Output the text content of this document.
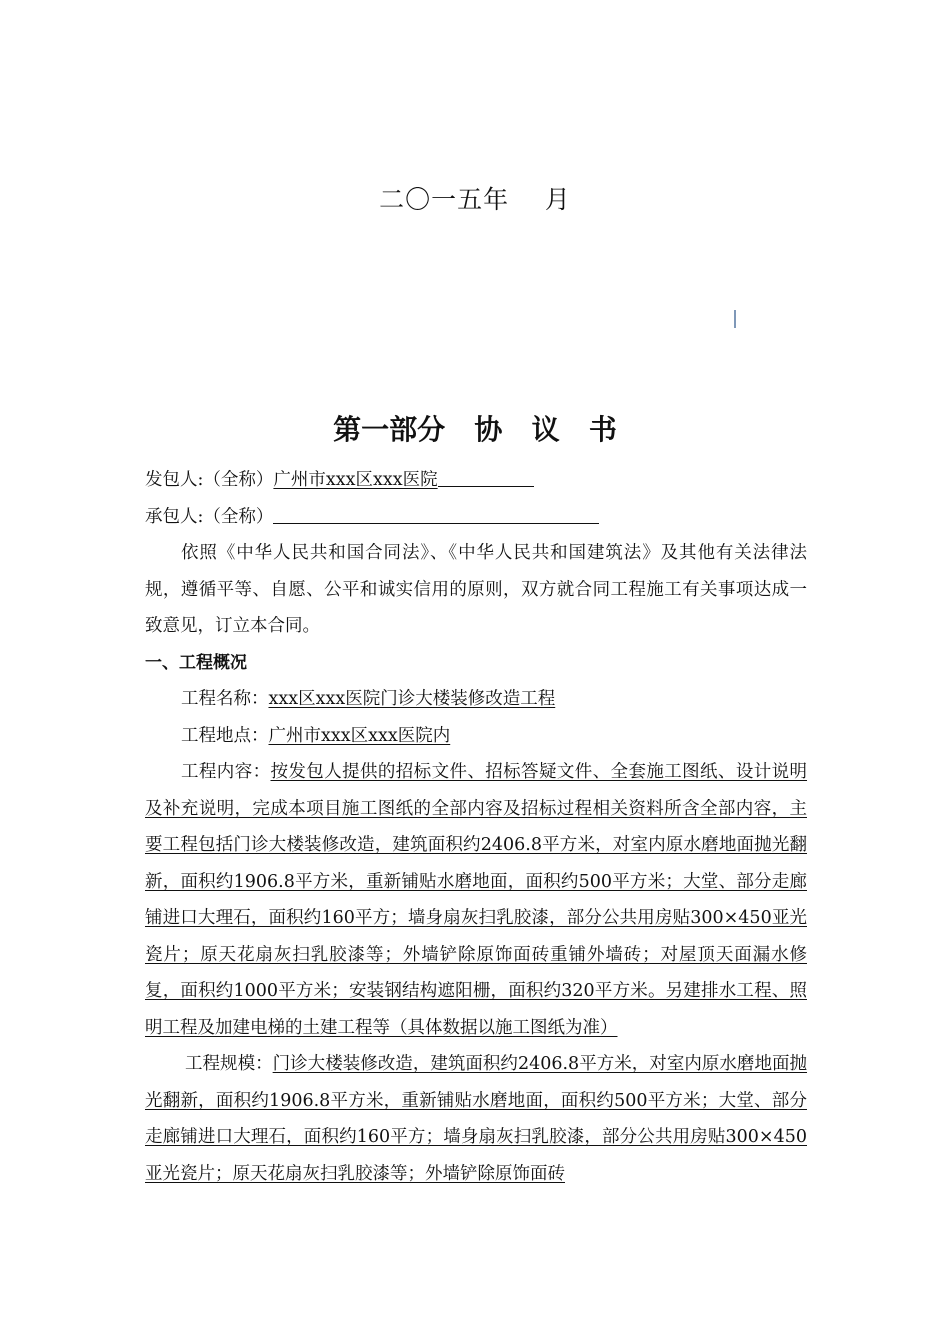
二〇一五年    月
第一部分   协   议   书
发包人:（全称）广州市xxx区xxx医院
承包人:（全称）
依照《中华人民共和国合同法》、《中华人民共和国建筑法》及其他有关法律法规，遵循平等、自愿、公平和诚实信用的原则，双方就合同工程施工有关事项达成一致意见，订立本合同。
一、工程概况
工程名称：xxx区xxx医院门诊大楼装修改造工程
工程地点：广州市xxx区xxx医院内
工程内容：按发包人提供的招标文件、招标答疑文件、全套施工图纸、设计说明及补充说明，完成本项目施工图纸的全部内容及招标过程相关资料所含全部内容，主要工程包括门诊大楼装修改造，建筑面积约2406.8平方米，对室内原水磨地面抛光翻新，面积约1906.8平方米，重新铺贴水磨地面，面积约500平方米；大堂、部分走廊铺进口大理石，面积约160平方；墙身扇灰扫乳胶漆，部分公共用房贴300×450亚光瓷片；原天花扇灰扫乳胶漆等；外墙铲除原饰面砖重铺外墙砖；对屋顶天面漏水修复，面积约1000平方米；安装钢结构遮阳栅，面积约320平方米。另建排水工程、照明工程及加建电梯的土建工程等（具体数据以施工图纸为准）
工程规模：门诊大楼装修改造，建筑面积约2406.8平方米，对室内原水磨地面抛光翻新，面积约1906.8平方米，重新铺贴水磨地面，面积约500平方米；大堂、部分走廊铺进口大理石，面积约160平方；墙身扇灰扫乳胶漆，部分公共用房贴300×450亚光瓷片；原天花扇灰扫乳胶漆等；外墙铲除原饰面砖
